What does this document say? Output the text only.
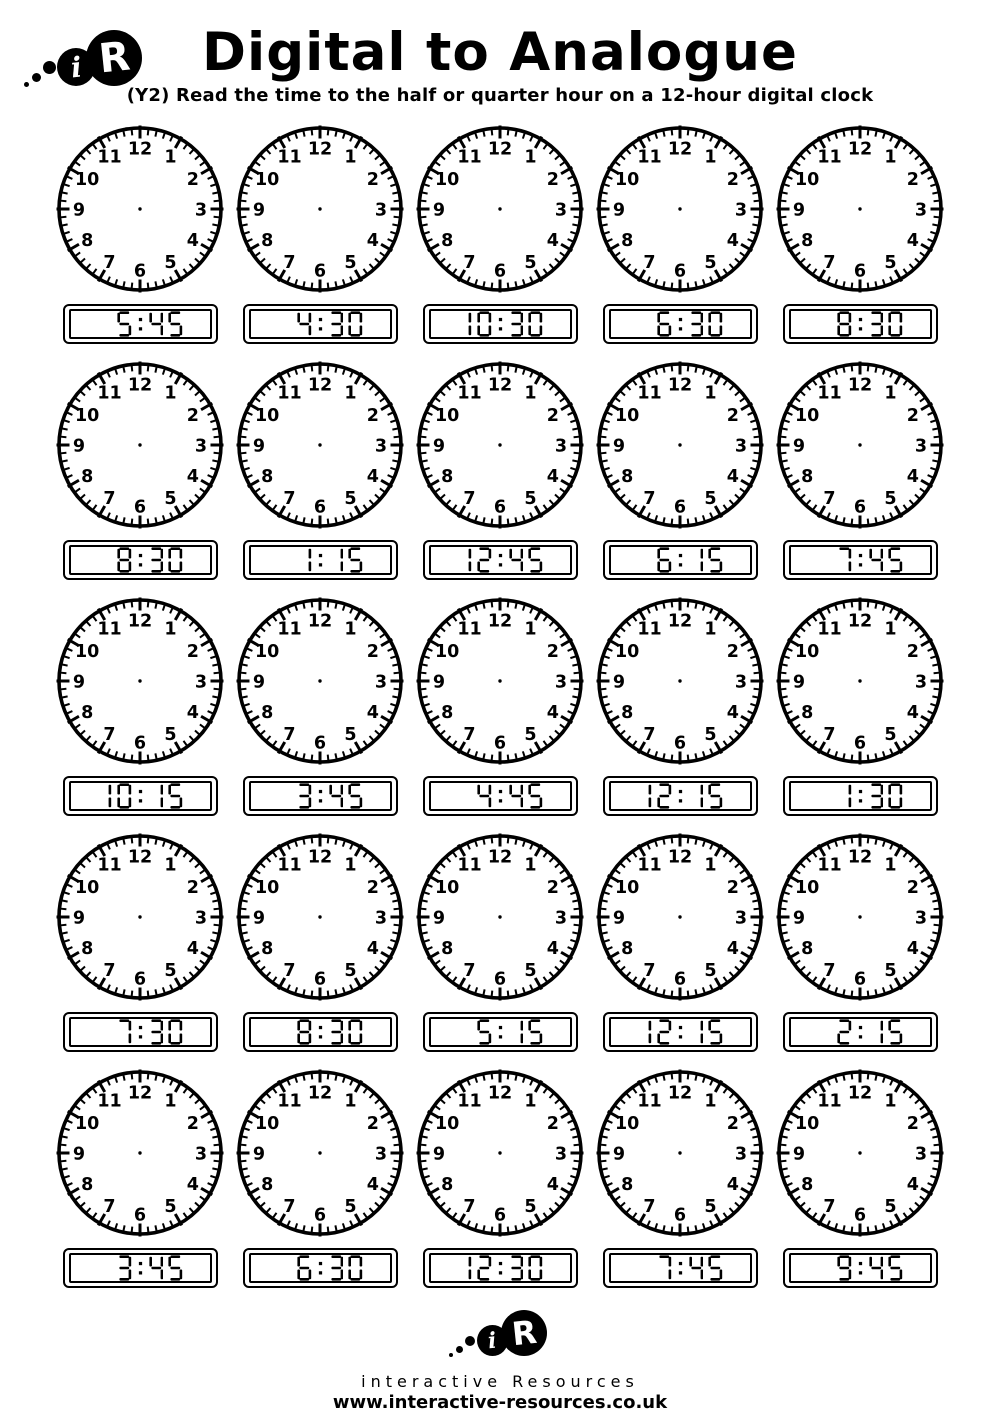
i R	Digital to Analogue
(Y2) Read the time to the half or quarter hour on a 12-hour digital clock
12 1
2
3
4
5
6
7
8
9
10
11	12 1
2
3
4
5
6
7
8
9
10
11	12 1
2
3
4
5
6
7
8
9
10
11	12 1
2
3
4
5
6
7
8
9
10
11	12 1
2
3
4
5
6
7
8
9
10
11
12 1
2
3
4
5
6
7
8
9
10
11	12 1
2
3
4
5
6
7
8
9
10
11	12 1
2
3
4
5
6
7
8
9
10
11	12 1
2
3
4
5
6
7
8
9
10
11	12 1
2
3
4
5
6
7
8
9
10
11
12 1
2
3
4
5
6
7
8
9
10
11	12 1
2
3
4
5
6
7
8
9
10
11	12 1
2
3
4
5
6
7
8
9
10
11	12 1
2
3
4
5
6
7
8
9
10
11	12 1
2
3
4
5
6
7
8
9
10
11
12 1
2
3
4
5
6
7
8
9
10
11	12 1
2
3
4
5
6
7
8
9
10
11	12 1
2
3
4
5
6
7
8
9
10
11	12 1
2
3
4
5
6
7
8
9
10
11	12 1
2
3
4
5
6
7
8
9
10
11
12 1
2
3
4
5
6
7
8
9
10
11	12 1
2
3
4
5
6
7
8
9
10
11	12 1
2
3
4
5
6
7
8
9
10
11	12 1
2
3
4
5
6
7
8
9
10
11	12 1
2
3
4
5
6
7
8
9
10
11
i R
interactive Resources
www.interactive-resources.co.uk
